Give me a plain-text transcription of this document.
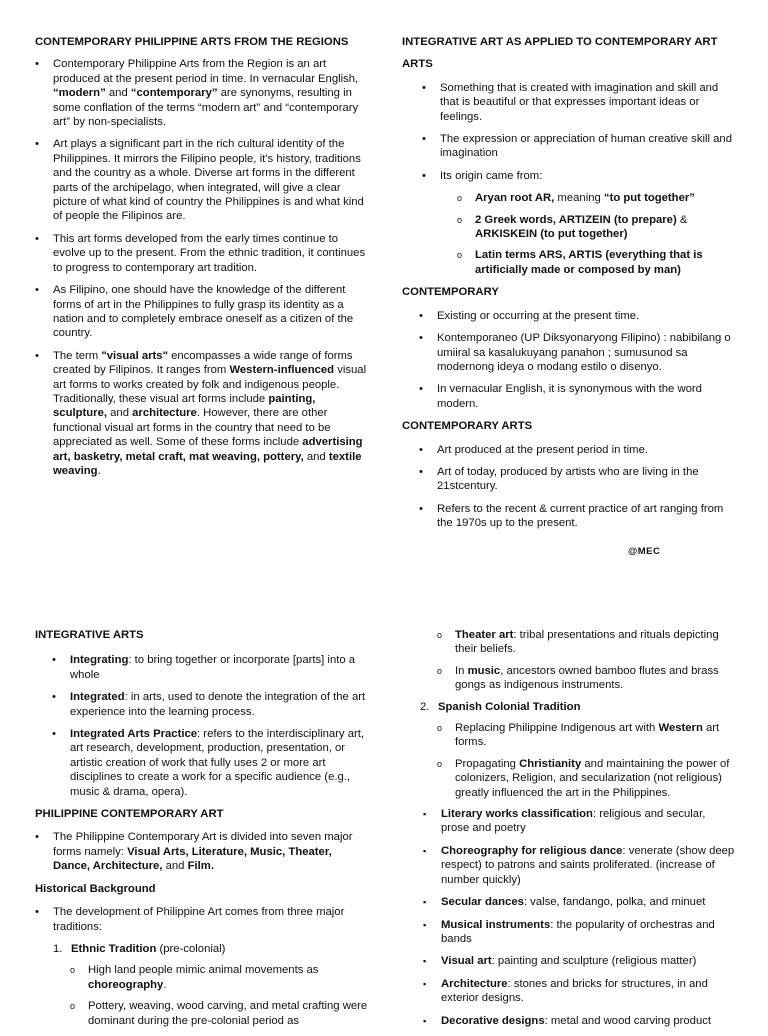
CONTEMPORARY PHILIPPINE ARTS FROM THE REGIONS
• Contemporary Philippine Arts from the Region is an art produced at the present period in time. In vernacular English, “modern” and “contemporary” are synonyms, resulting in some conflation of the terms “modern art” and “contemporary art” by non-specialists.
• Art plays a significant part in the rich cultural identity of the Philippines. It mirrors the Filipino people, it’s history, traditions and the country as a whole. Diverse art forms in the different parts of the archipelago, when integrated, will give a clear picture of what kind of country the Philippines is and what kind of people the Filipinos are.
• This art forms developed from the early times continue to evolve up to the present. From the ethnic tradition, it continues to progress to contemporary art tradition.
• As Filipino, one should have the knowledge of the different forms of art in the Philippines to fully grasp its identity as a nation and to completely embrace oneself as a citizen of the country.
• The term "visual arts" encompasses a wide range of forms created by Filipinos. It ranges from Western-influenced visual art forms to works created by folk and indigenous people. Traditionally, these visual art forms include painting, sculpture, and architecture. However, there are other functional visual art forms in the country that need to be appreciated as well. Some of these forms include advertising art, basketry, metal craft, mat weaving, pottery, and textile weaving.
INTEGRATIVE ART AS APPLIED TO CONTEMPORARY ART
ARTS
• Something that is created with imagination and skill and that is beautiful or that expresses important ideas or feelings.
• The expression or appreciation of human creative skill and imagination
• Its origin came from:
o Aryan root AR, meaning “to put together”
o 2 Greek words, ARTIZEIN (to prepare) & ARKISKEIN (to put together)
o Latin terms ARS, ARTIS (everything that is artificially made or composed by man)
CONTEMPORARY
• Existing or occurring at the present time.
• Kontemporaneo (UP Diksyonaryong Filipino) : nabibilang o umiiral sa kasalukuyang panahon ; sumusunod sa modernong ideya o modang estilo o disenyo.
• In vernacular English, it is synonymous with the word modern.
CONTEMPORARY ARTS
• Art produced at the present period in time.
• Art of today, produced by artists who are living in the 21stcentury.
• Refers to the recent & current practice of art ranging from the 1970s up to the present.
@MEC
INTEGRATIVE ARTS
• Integrating: to bring together or incorporate [parts] into a whole
• Integrated: in arts, used to denote the integration of the art experience into the learning process.
• Integrated Arts Practice: refers to the interdisciplinary art, art research, development, production, presentation, or artistic creation of work that fully uses 2 or more art disciplines to create a work for a specific audience (e.g., music & drama, opera).
PHILIPPINE CONTEMPORARY ART
• The Philippine Contemporary Art is divided into seven major forms namely: Visual Arts, Literature, Music, Theater, Dance, Architecture, and Film.
Historical Background
• The development of Philippine Art comes from three major traditions:
1. Ethnic Tradition (pre-colonial)
o High land people mimic animal movements as choreography.
o Pottery, weaving, wood carving, and metal crafting were dominant during the pre-colonial period as
o Theater art: tribal presentations and rituals depicting their beliefs.
o In music, ancestors owned bamboo flutes and brass gongs as indigenous instruments.
2. Spanish Colonial Tradition
o Replacing Philippine Indigenous art with Western art forms.
o Propagating Christianity and maintaining the power of colonizers, Religion, and secularization (not religious) greatly influenced the art in the Philippines.
▪ Literary works classification: religious and secular, prose and poetry
▪ Choreography for religious dance: venerate (show deep respect) to patrons and saints proliferated. (increase of number quickly)
▪ Secular dances: valse, fandango, polka, and minuet
▪ Musical instruments: the popularity of orchestras and bands
▪ Visual art: painting and sculpture (religious matter)
▪ Architecture: stones and bricks for structures, in and exterior designs.
▪ Decorative designs: metal and wood carving product
